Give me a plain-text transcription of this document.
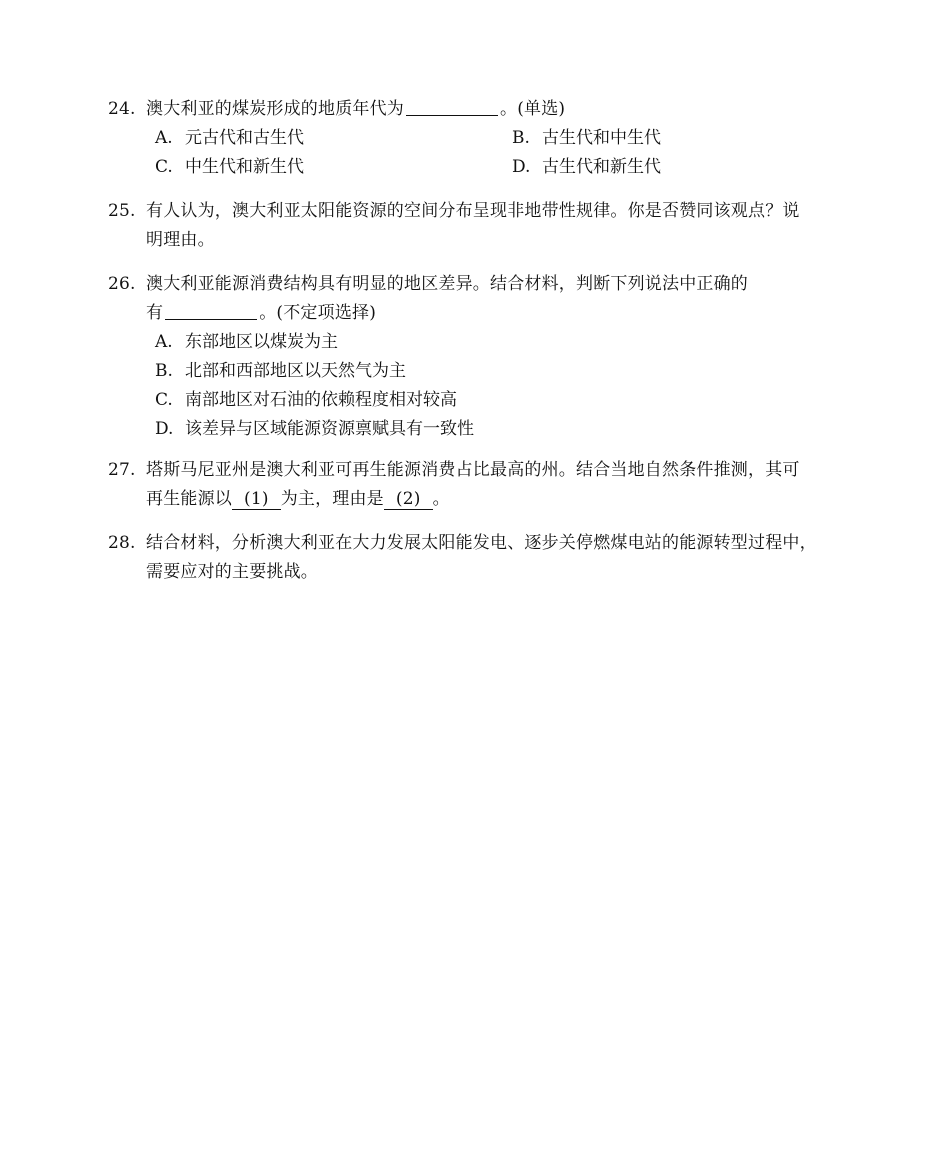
24. 澳大利亚的煤炭形成的地质年代为	。(单选)
A. 元古代和古生代	B. 古生代和中生代
C. 中生代和新生代	D. 古生代和新生代
25. 有人认为，澳大利亚太阳能资源的空间分布呈现非地带性规律。你是否赞同该观点？说
明理由。
26. 澳大利亚能源消费结构具有明显的地区差异。结合材料，判断下列说法中正确的
有	。(不定项选择)
A. 东部地区以煤炭为主
B. 北部和西部地区以天然气为主
C. 南部地区对石油的依赖程度相对较高
D. 该差异与区域能源资源禀赋具有一致性
27. 塔斯马尼亚州是澳大利亚可再生能源消费占比最高的州。结合当地自然条件推测，其可
再生能源以 (1) 为主，理由是 (2) 。
28. 结合材料，分析澳大利亚在大力发展太阳能发电、逐步关停燃煤电站的能源转型过程中，
需要应对的主要挑战。
